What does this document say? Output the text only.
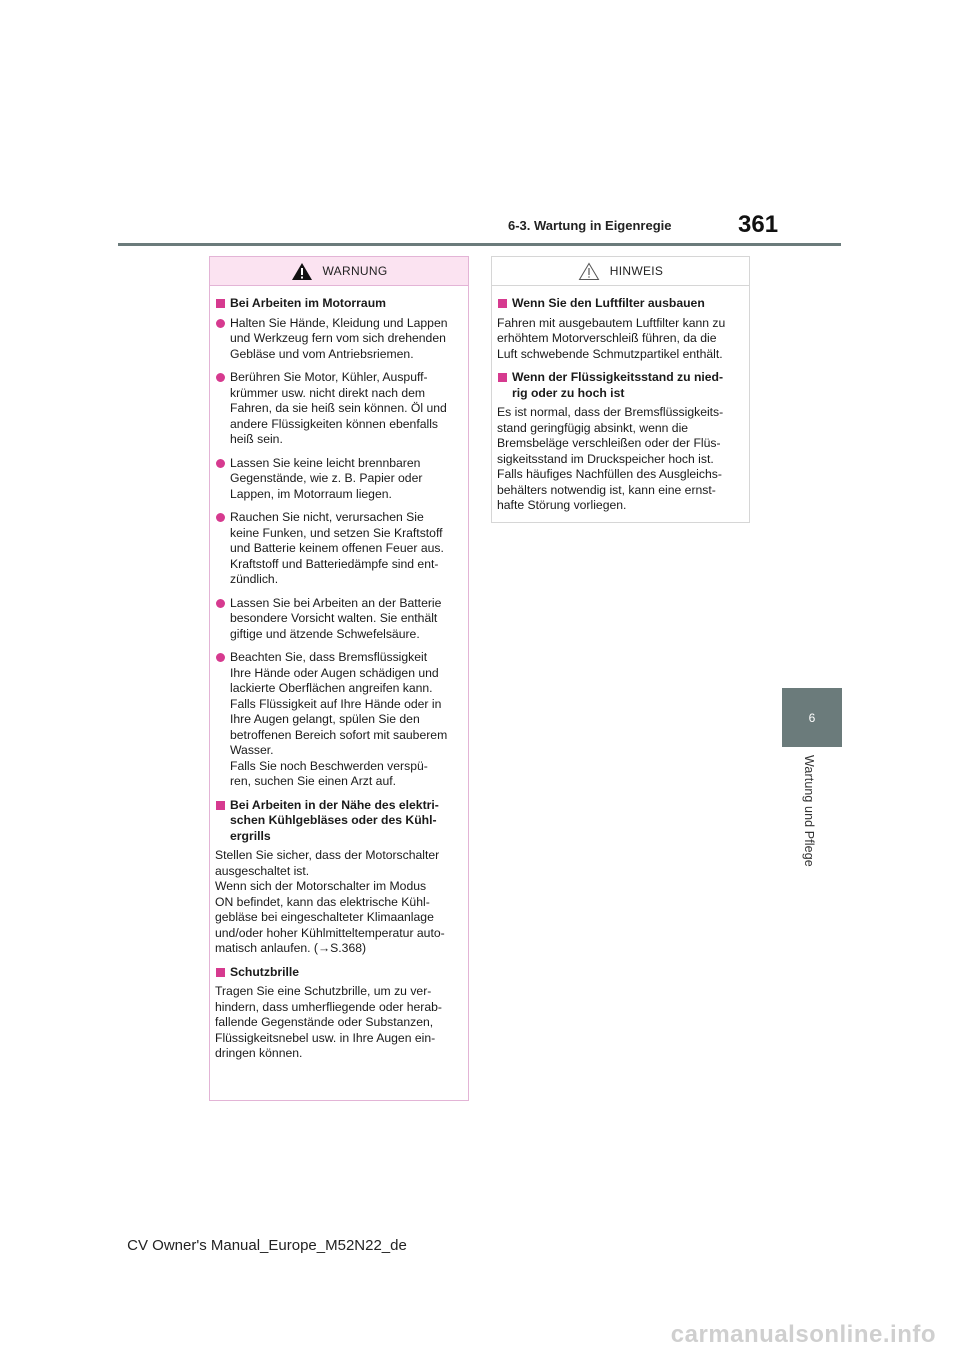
6-3. Wartung in Eigenregie	361
6
Wartung und Pflege
WARNUNG
Bei Arbeiten im Motorraum
Halten Sie Hände, Kleidung und Lappen
und Werkzeug fern vom sich drehenden
Gebläse und vom Antriebsriemen.
Berühren Sie Motor, Kühler, Auspuff-
krümmer usw. nicht direkt nach dem
Fahren, da sie heiß sein können. Öl und
andere Flüssigkeiten können ebenfalls
heiß sein.
Lassen Sie keine leicht brennbaren
Gegenstände, wie z. B. Papier oder
Lappen, im Motorraum liegen.
Rauchen Sie nicht, verursachen Sie
keine Funken, und setzen Sie Kraftstoff
und Batterie keinem offenen Feuer aus.
Kraftstoff und Batteriedämpfe sind ent-
zündlich.
Lassen Sie bei Arbeiten an der Batterie
besondere Vorsicht walten. Sie enthält
giftige und ätzende Schwefelsäure.
Beachten Sie, dass Bremsflüssigkeit
Ihre Hände oder Augen schädigen und
lackierte Oberflächen angreifen kann.
Falls Flüssigkeit auf Ihre Hände oder in
Ihre Augen gelangt, spülen Sie den
betroffenen Bereich sofort mit sauberem
Wasser.
Falls Sie noch Beschwerden verspü-
ren, suchen Sie einen Arzt auf.
Bei Arbeiten in der Nähe des elektri-
schen Kühlgebläses oder des Kühl-
ergrills
Stellen Sie sicher, dass der Motorschalter
ausgeschaltet ist.
Wenn sich der Motorschalter im Modus
ON befindet, kann das elektrische Kühl-
gebläse bei eingeschalteter Klimaanlage
und/oder hoher Kühlmitteltemperatur auto-
matisch anlaufen. (→S.368)
Schutzbrille
Tragen Sie eine Schutzbrille, um zu ver-
hindern, dass umherfliegende oder herab-
fallende Gegenstände oder Substanzen,
Flüssigkeitsnebel usw. in Ihre Augen ein-
dringen können.
HINWEIS
Wenn Sie den Luftfilter ausbauen
Fahren mit ausgebautem Luftfilter kann zu
erhöhtem Motorverschleiß führen, da die
Luft schwebende Schmutzpartikel enthält.
Wenn der Flüssigkeitsstand zu nied-
rig oder zu hoch ist
Es ist normal, dass der Bremsflüssigkeits-
stand geringfügig absinkt, wenn die
Bremsbeläge verschleißen oder der Flüs-
sigkeitsstand im Druckspeicher hoch ist.
Falls häufiges Nachfüllen des Ausgleichs-
behälters notwendig ist, kann eine ernst-
hafte Störung vorliegen.
CV Owner's Manual_Europe_M52N22_de
carmanualsonline.info
